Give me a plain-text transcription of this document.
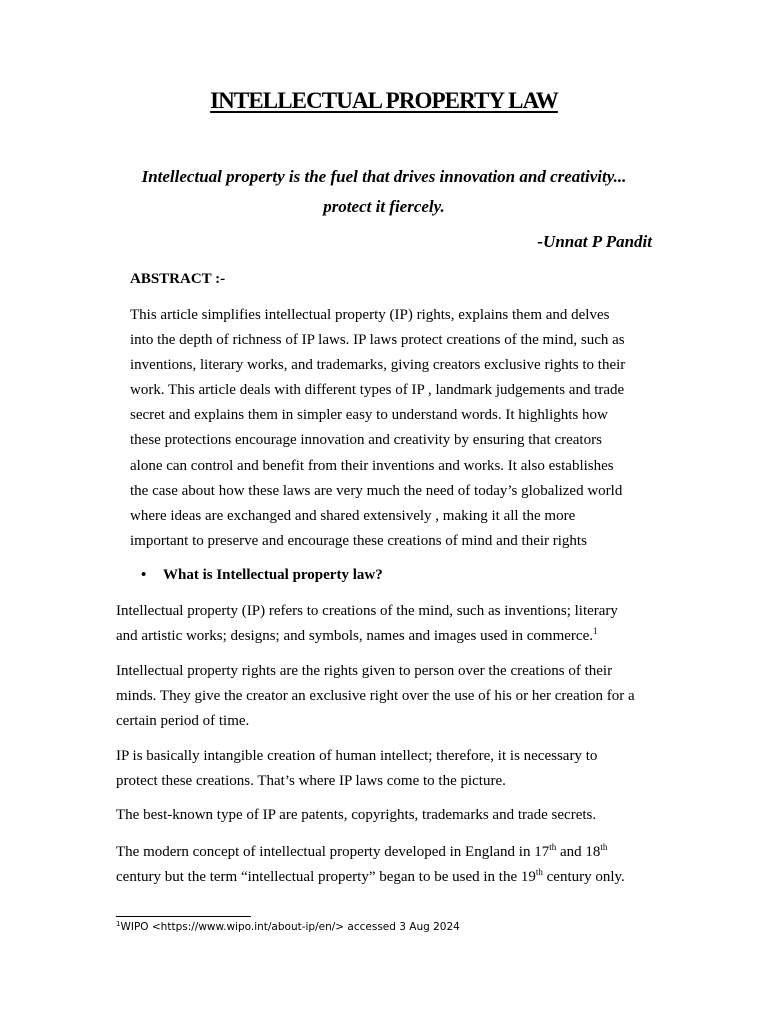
INTELLECTUAL PROPERTY LAW
Intellectual property is the fuel that drives innovation and creativity...
protect it fiercely.
-Unnat P Pandit
ABSTRACT :-
This article simplifies intellectual property (IP) rights, explains them and delves
into the depth of richness of IP laws. IP laws protect creations of the mind, such as
inventions, literary works, and trademarks, giving creators exclusive rights to their
work. This article deals with different types of IP , landmark judgements and trade
secret and explains them in simpler easy to understand words. It highlights how
these protections encourage innovation and creativity by ensuring that creators
alone can control and benefit from their inventions and works. It also establishes
the case about how these laws are very much the need of today’s globalized world
where ideas are exchanged and shared extensively , making it all the more
important to preserve and encourage these creations of mind and their rights
• What is Intellectual property law?
Intellectual property (IP) refers to creations of the mind, such as inventions; literary
and artistic works; designs; and symbols, names and images used in commerce.$^1$
Intellectual property rights are the rights given to person over the creations of their
minds. They give the creator an exclusive right over the use of his or her creation for a
certain period of time.
IP is basically intangible creation of human intellect; therefore, it is necessary to
protect these creations. That’s where IP laws come to the picture.
The best-known type of IP are patents, copyrights, trademarks and trade secrets.
The modern concept of intellectual property developed in England in 17th and 18th
century but the term “intellectual property” began to be used in the 19th century only.
$^1$WIPO <https://www.wipo.int/about-ip/en/> accessed 3 Aug 2024
